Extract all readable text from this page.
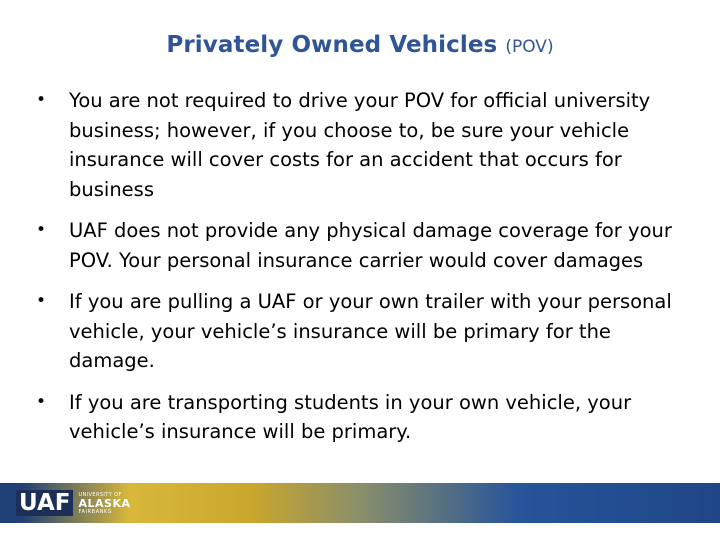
Privately Owned Vehicles (POV)
• You are not required to drive your POV for official university business; however, if you choose to, be sure your vehicle insurance will cover costs for an accident that occurs for business
• UAF does not provide any physical damage coverage for your POV. Your personal insurance carrier would cover damages
• If you are pulling a UAF or your own trailer with your personal vehicle, your vehicle’s insurance will be primary for the damage.
• If you are transporting students in your own vehicle, your vehicle’s insurance will be primary.
UAF	UNIVERSITY OF
ALASKA
FAIRBANKS
